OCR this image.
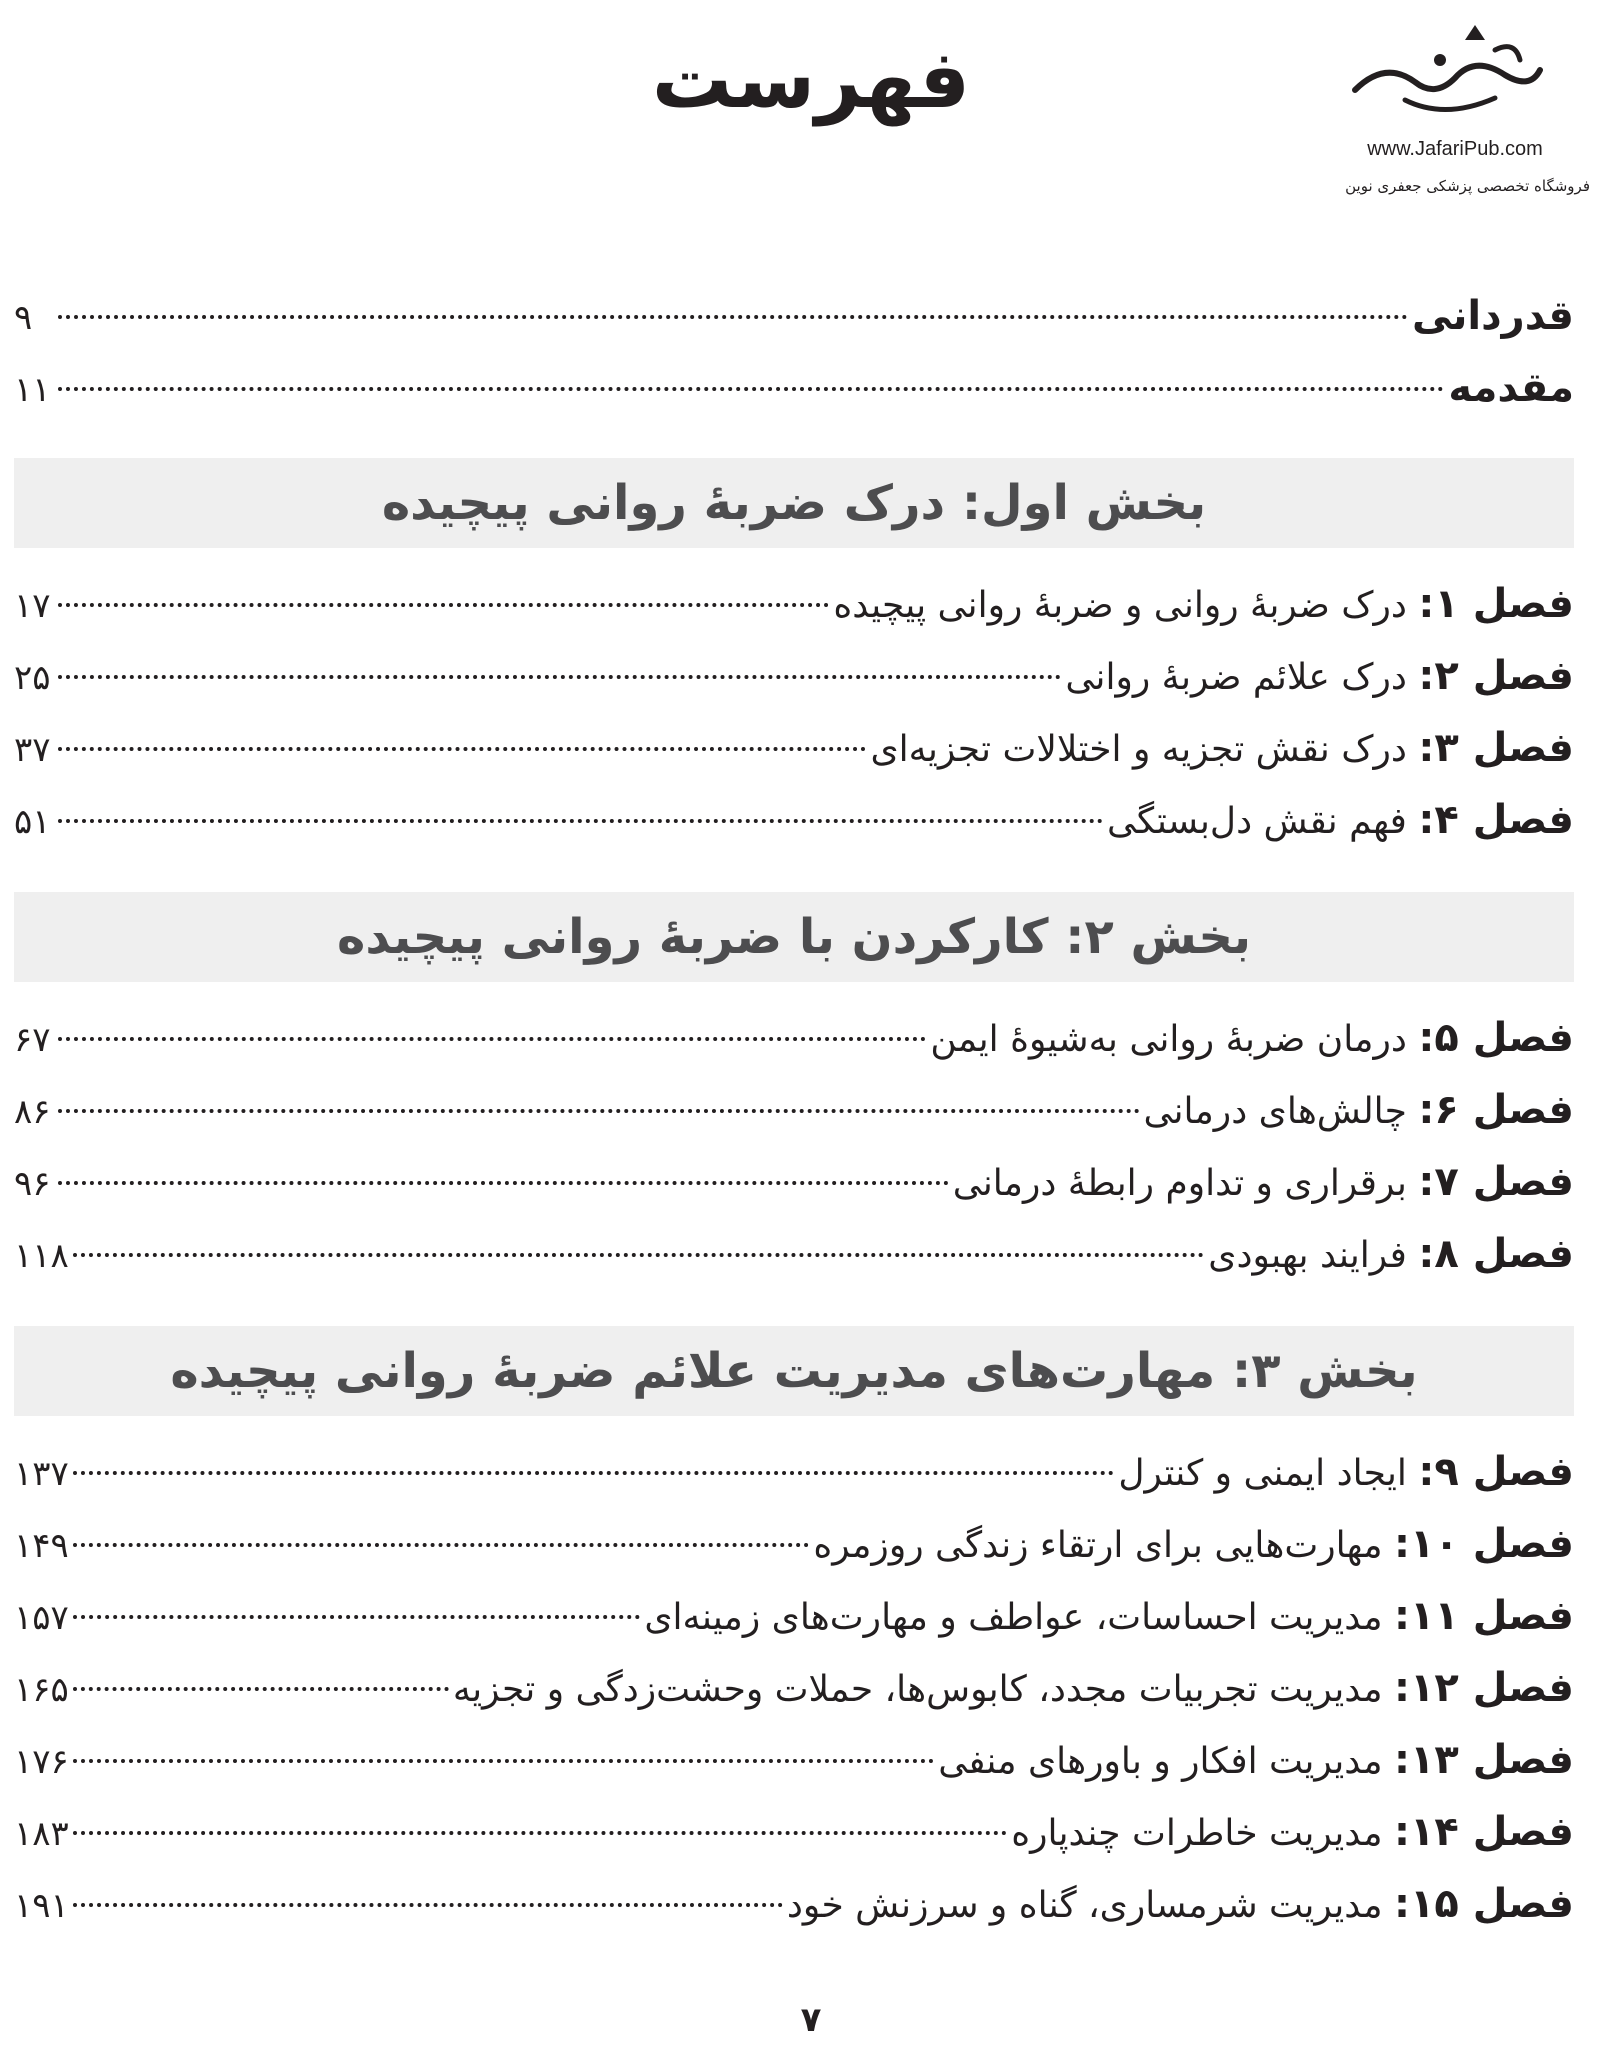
فهرست
www.JafariPub.com
فروشگاه تخصصی پزشکی جعفری نوین
قدردانی
۹
مقدمه
۱۱
بخش اول: درک ضربهٔ روانی پیچیده
فصل ۱: درک ضربهٔ روانی و ضربهٔ روانی پیچیده
۱۷
فصل ۲: درک علائم ضربهٔ روانی
۲۵
فصل ۳: درک نقش تجزیه و اختلالات تجزیه‌ای
۳۷
فصل ۴: فهم نقش دل‌بستگی
۵۱
بخش ۲: کارکردن با ضربهٔ روانی پیچیده
فصل ۵: درمان ضربهٔ روانی به‌شیوهٔ ایمن
۶۷
فصل ۶: چالش‌های درمانی
۸۶
فصل ۷: برقراری و تداوم رابطهٔ درمانی
۹۶
فصل ۸: فرایند بهبودی
۱۱۸
بخش ۳: مهارت‌های مدیریت علائم ضربهٔ روانی پیچیده
فصل ۹: ایجاد ایمنی و کنترل
۱۳۷
فصل ۱۰: مهارت‌هایی برای ارتقاء زندگی روزمره
۱۴۹
فصل ۱۱: مدیریت احساسات، عواطف و مهارت‌های زمینه‌ای
۱۵۷
فصل ۱۲: مدیریت تجربیات مجدد، کابوس‌ها، حملات وحشت‌زدگی و تجزیه
۱۶۵
فصل ۱۳: مدیریت افکار و باورهای منفی
۱۷۶
فصل ۱۴: مدیریت خاطرات چندپاره
۱۸۳
فصل ۱۵: مدیریت شرمساری، گناه و سرزنش خود
۱۹۱
۷
